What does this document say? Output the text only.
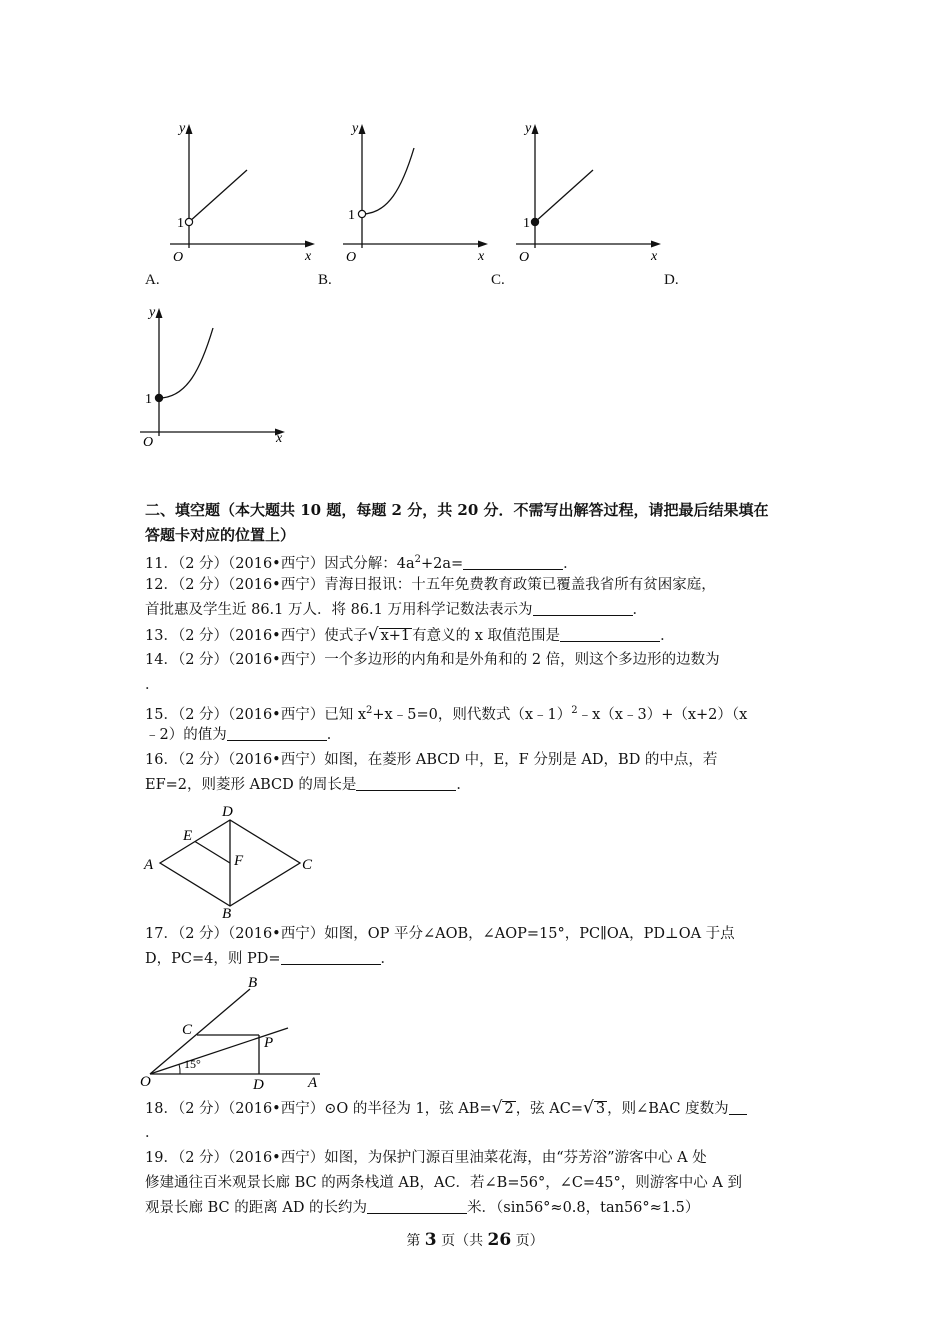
y
x
O
1
A.
y
x
O
1
B.
y
x
O
1
C.	D.
y
x
O
1
二、填空题（本大题共 10 题，每题 2 分，共 20 分．不需写出解答过程，请把最后结果填在
答题卡对应的位置上）
11．（2 分）（2016•西宁）因式分解：$4a^2+2a=$	．
12．（2 分）（2016•西宁）青海日报讯：十五年免费教育政策已覆盖我省所有贫困家庭，
首批惠及学生近 86.1 万人．将 86.1 万用科学记数法表示为	．
13．（2 分）（2016•西宁）使式子√ x+1 有意义的 x 取值范围是	．
14．（2 分）（2016•西宁）一个多边形的内角和是外角和的 2 倍，则这个多边形的边数为
．
15．（2 分）（2016•西宁）已知 $x^2+x﹣5=0$，则代数式（x﹣1）$^2$﹣x（x﹣3）+（x+2）（x
﹣2）的值为	．
16．（2 分）（2016•西宁）如图，在菱形 ABCD 中，E，F 分别是 AD，BD 的中点，若
EF=2，则菱形 ABCD 的周长是	．
A
B
C
D
E
F
17．（2 分）（2016•西宁）如图，OP 平分∠AOB，∠AOP=15°，PC∥OA，PD⊥OA 于点
D，PC=4，则 PD=	．
O	A
B
C
D
P
15°
18．（2 分）（2016•西宁）⊙O 的半径为 1，弦 AB=√ 2 ，弦 AC=√ 3 ，则∠BAC 度数为
．
19．（2 分）（2016•西宁）如图，为保护门源百里油菜花海，由“芬芳浴”游客中心 A 处
修建通往百米观景长廊 BC 的两条栈道 AB，AC．若∠B=56°，∠C=45°，则游客中心 A 到
观景长廊 BC 的距离 AD 的长约为	米．（sin56°≈0.8，tan56°≈1.5）
第 3 页（共 26 页）
